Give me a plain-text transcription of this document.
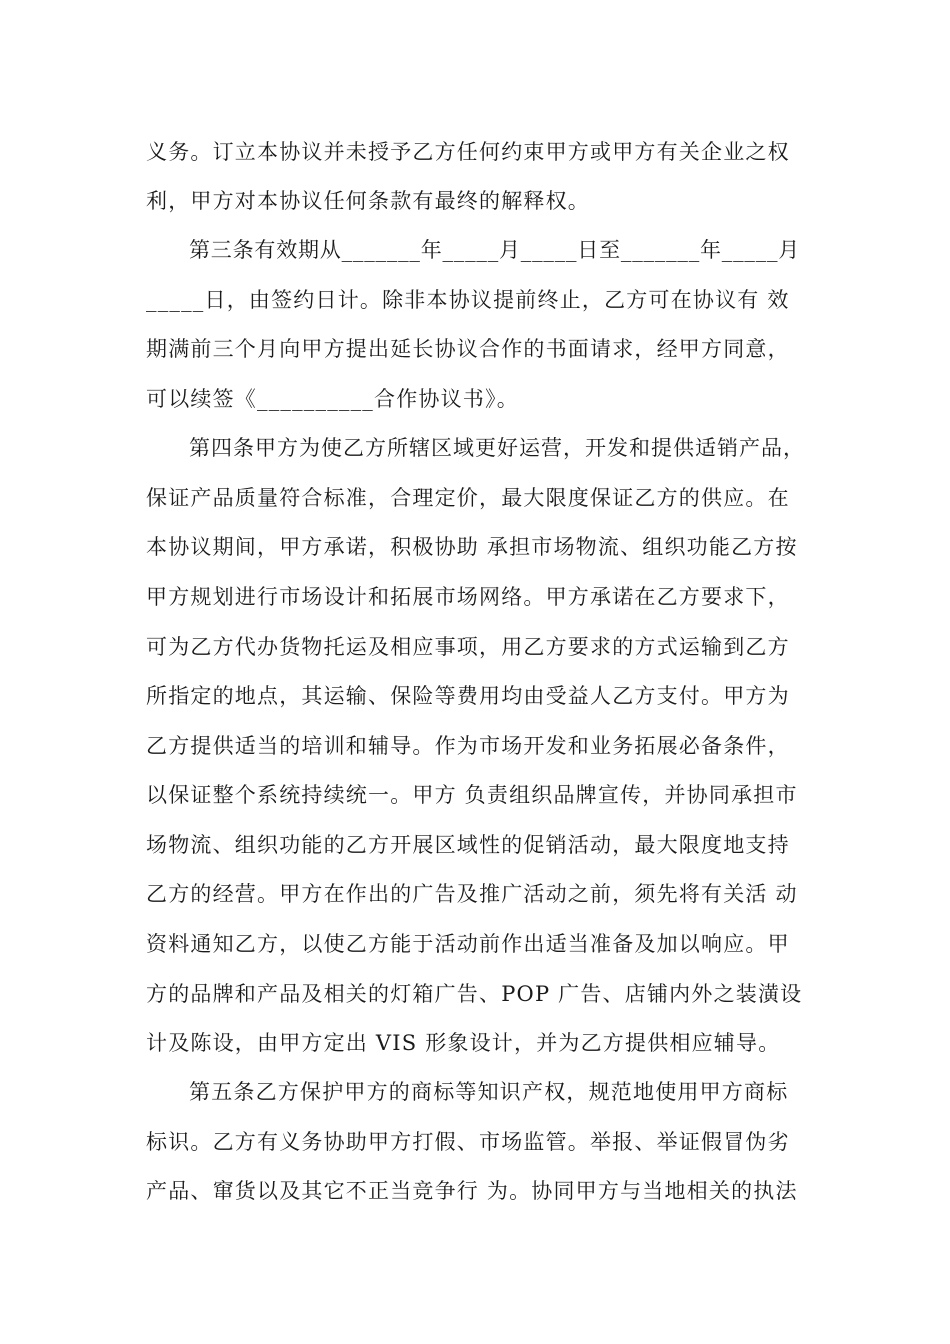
义务。订立本协议并未授予乙方任何约束甲方或甲方有关企业之权
利，甲方对本协议任何条款有最终的解释权。
第三条有效期从_______年_____月_____日至_______年_____月
_____日，由签约日计。除非本协议提前终止，乙方可在协议有 效
期满前三个月向甲方提出延长协议合作的书面请求，经甲方同意，
可以续签《__________合作协议书》。
第四条甲方为使乙方所辖区域更好运营，开发和提供适销产品，
保证产品质量符合标准，合理定价，最大限度保证乙方的供应。在
本协议期间，甲方承诺，积极协助 承担市场物流、组织功能乙方按
甲方规划进行市场设计和拓展市场网络。甲方承诺在乙方要求下，
可为乙方代办货物托运及相应事项，用乙方要求的方式运输到乙方
所指定的地点，其运输、保险等费用均由受益人乙方支付。甲方为
乙方提供适当的培训和辅导。作为市场开发和业务拓展必备条件，
以保证整个系统持续统一。甲方 负责组织品牌宣传，并协同承担市
场物流、组织功能的乙方开展区域性的促销活动，最大限度地支持
乙方的经营。甲方在作出的广告及推广活动之前，须先将有关活 动
资料通知乙方，以使乙方能于活动前作出适当准备及加以响应。甲
方的品牌和产品及相关的灯箱广告、POP 广告、店铺内外之装潢设
计及陈设，由甲方定出 VIS 形象设计，并为乙方提供相应辅导。
第五条乙方保护甲方的商标等知识产权，规范地使用甲方商标
标识。乙方有义务协助甲方打假、市场监管。举报、举证假冒伪劣
产品、窜货以及其它不正当竞争行 为。协同甲方与当地相关的执法
